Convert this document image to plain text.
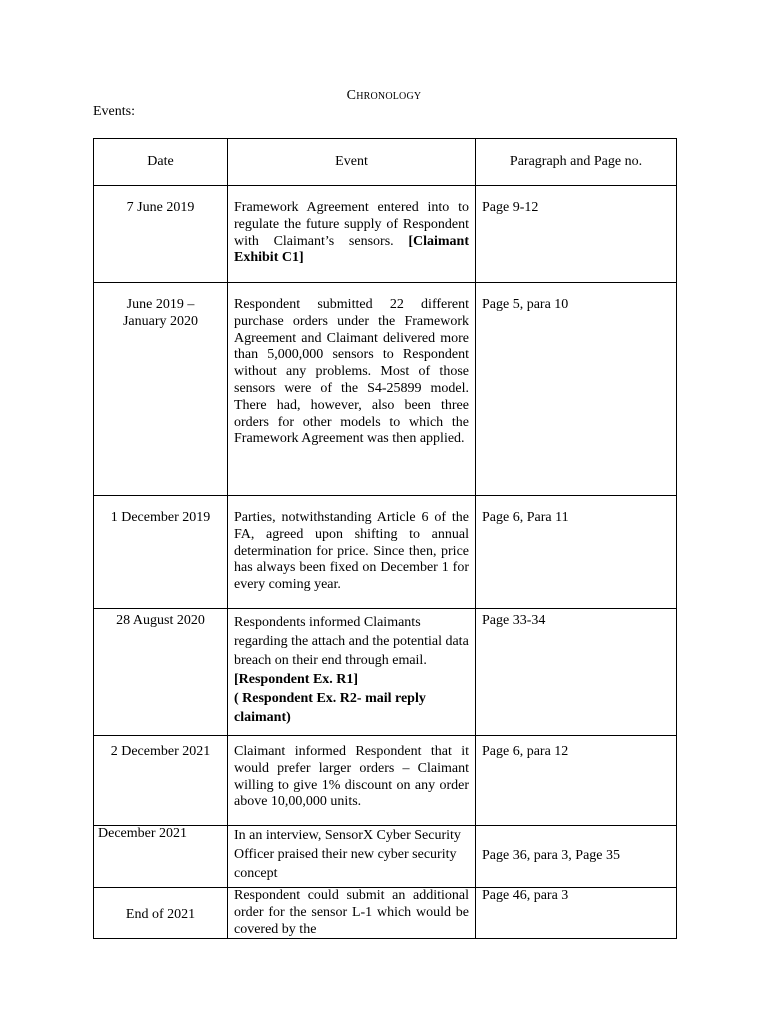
Chronology
Events:
Date	Event	Paragraph and Page no.
7 June 2019	Framework Agreement entered into to regulate the future supply of Respondent with Claimant’s sensors. [Claimant Exhibit C1]	Page 9-12

June 2019 –
January 2020	Respondent submitted 22 different purchase orders under the Framework Agreement and Claimant delivered more than 5,000,000 sensors to Respondent without any problems. Most of those sensors were of the S4-25899 model. There had, however, also been three orders for other models to which the Framework Agreement was then applied.	Page 5, para 10
1 December 2019	Parties, notwithstanding Article 6 of the FA, agreed upon shifting to annual determination for price. Since then, price has always been fixed on December 1 for every coming year.	Page 6, Para 11
28 August 2020	Respondents informed Claimants regarding the attach and the potential data breach on their end through email. [Respondent Ex. R1]
( Respondent Ex. R2- mail reply claimant)	Page 33-34
2 December 2021	Claimant informed Respondent that it would prefer larger orders – Claimant willing to give 1% discount on any order above 10,00,000 units.	Page 6, para 12
December 2021	In an interview, SensorX Cyber Security Officer praised their new cyber security concept	Page 36, para 3, Page 35
End of 2021	Respondent could submit an additional order for the sensor L-1 which would be covered by the	Page 46, para 3
